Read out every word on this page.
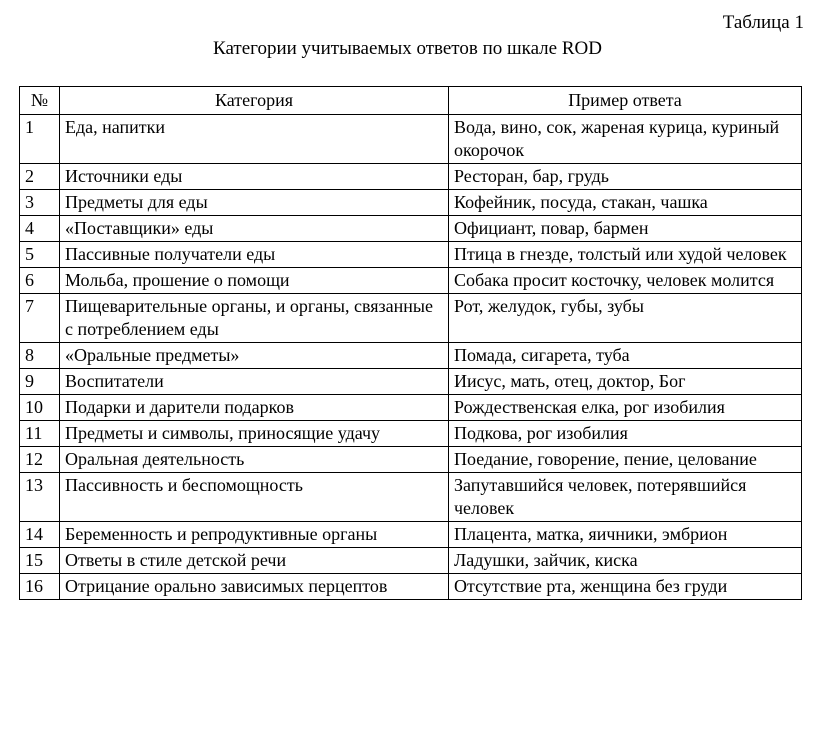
Таблица 1
Категории учитываемых ответов по шкале ROD
№	Категория	Пример ответа
1	Еда, напитки	Вода, вино, сок, жареная курица, куриный окорочок
2	Источники еды	Ресторан, бар, грудь
3	Предметы для еды	Кофейник, посуда, стакан, чашка
4	«Поставщики» еды	Официант, повар, бармен
5	Пассивные получатели еды	Птица в гнезде, толстый или худой человек
6	Мольба, прошение о помощи	Собака просит косточку, человек молится
7	Пищеварительные органы, и органы, связанные с потреблением еды	Рот, желудок, губы, зубы
8	«Оральные предметы»	Помада, сигарета, туба
9	Воспитатели	Иисус, мать, отец, доктор, Бог
10	Подарки и дарители подарков	Рождественская елка, рог изобилия
11	Предметы и символы, приносящие удачу	Подкова, рог изобилия
12	Оральная деятельность	Поедание, говорение, пение, целование
13	Пассивность и беспомощность	Запутавшийся человек, потерявшийся человек
14	Беременность и репродуктивные органы	Плацента, матка, яичники, эмбрион
15	Ответы в стиле детской речи	Ладушки, зайчик, киска
16	Отрицание орально зависимых перцептов	Отсутствие рта, женщина без груди
